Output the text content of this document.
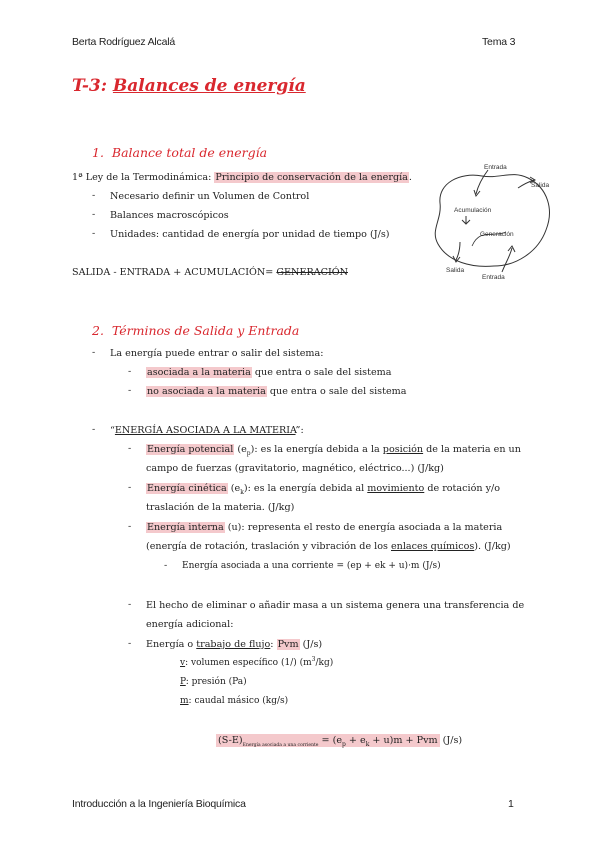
Berta Rodríguez Alcalá	Tema 3
T-3: Balances de energía
1. Balance total de energía
1ª Ley de la Termodinámica: Principio de conservación de la energía.
- Necesario definir un Volumen de Control
- Balances macroscópicos
- Unidades: cantidad de energía por unidad de tiempo (J/s)
SALIDA - ENTRADA + ACUMULACIÓN= GENERACIÓN
Entrada
Salida
Acumulación
Generación
Salida
Entrada
2. Términos de Salida y Entrada
- La energía puede entrar o salir del sistema:
- asociada a la materia que entra o sale del sistema
- no asociada a la materia que entra o sale del sistema
- “ENERGÍA ASOCIADA A LA MATERIA”:
- Energía potencial $(e_p)$: es la energía debida a la posición de la materia en un
campo de fuerzas (gravitatorio, magnético, eléctrico...) (J/kg)
- Energía cinética $(e_k)$: es la energía debida al movimiento de rotación y/o
traslación de la materia. (J/kg)
- Energía interna (u): representa el resto de energía asociada a la materia
(energía de rotación, traslación y vibración de los enlaces químicos). (J/kg)
- Energía asociada a una corriente = (ep + ek + u)·m (J/s)
- El hecho de eliminar o añadir masa a un sistema genera una transferencia de
energía adicional:
- Energía o trabajo de flujo: Pvm (J/s)
v: volumen específico (1/) $(m^3/kg)$
P: presión (Pa)
m: caudal másico (kg/s)
$(S-E)_{Energía asociada a una corriente} = (e_p + e_k + u)m$ + Pvm (J/s)
Introducción a la Ingeniería Bioquímica	1
